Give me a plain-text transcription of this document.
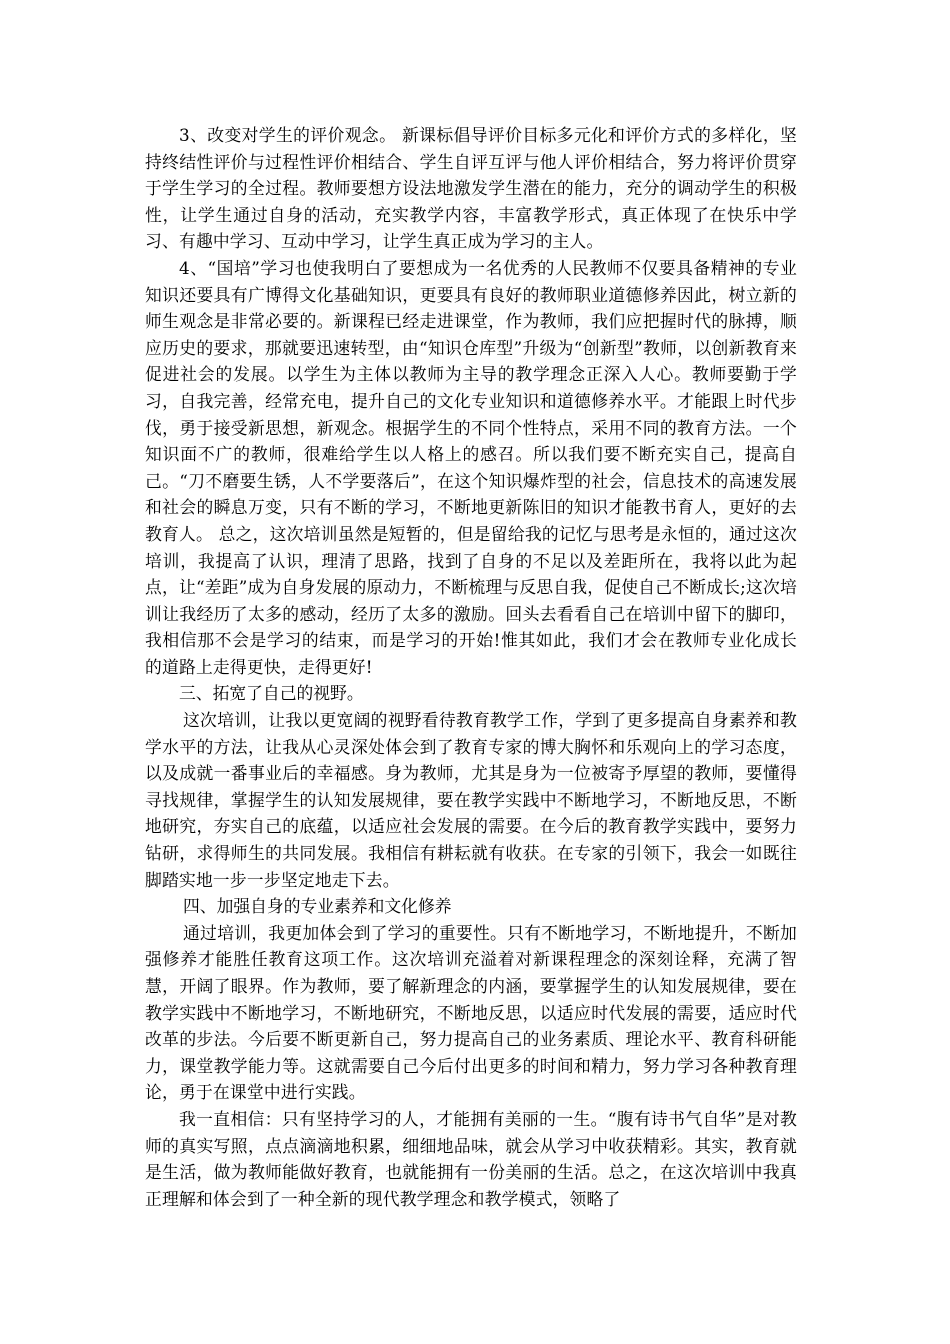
3、改变对学生的评价观念。 新课标倡导评价目标多元化和评价方式的多样化，坚持终结性评价与过程性评价相结合、学生自评互评与他人评价相结合，努力将评价贯穿于学生学习的全过程。教师要想方设法地激发学生潜在的能力，充分的调动学生的积极性，让学生通过自身的活动，充实教学内容，丰富教学形式，真正体现了在快乐中学习、有趣中学习、互动中学习，让学生真正成为学习的主人。

4、“国培”学习也使我明白了要想成为一名优秀的人民教师不仅要具备精神的专业知识还要具有广博得文化基础知识，更要具有良好的教师职业道德修养因此，树立新的师生观念是非常必要的。新课程已经走进课堂，作为教师，我们应把握时代的脉搏，顺应历史的要求，那就要迅速转型，由“知识仓库型”升级为“创新型”教师，以创新教育来促进社会的发展。以学生为主体以教师为主导的教学理念正深入人心。教师要勤于学习，自我完善，经常充电，提升自己的文化专业知识和道德修养水平。才能跟上时代步伐，勇于接受新思想，新观念。根据学生的不同个性特点，采用不同的教育方法。一个知识面不广的教师，很难给学生以人格上的感召。所以我们要不断充实自己，提高自己。“刀不磨要生锈，人不学要落后”，在这个知识爆炸型的社会，信息技术的高速发展和社会的瞬息万变，只有不断的学习，不断地更新陈旧的知识才能教书育人，更好的去教育人。 总之，这次培训虽然是短暂的，但是留给我的记忆与思考是永恒的，通过这次培训，我提高了认识，理清了思路，找到了自身的不足以及差距所在，我将以此为起点，让“差距”成为自身发展的原动力，不断梳理与反思自我，促使自己不断成长;这次培训让我经历了太多的感动，经历了太多的激励。回头去看看自己在培训中留下的脚印，我相信那不会是学习的结束，而是学习的开始!惟其如此，我们才会在教师专业化成长的道路上走得更快，走得更好!

三、拓宽了自己的视野。

这次培训，让我以更宽阔的视野看待教育教学工作，学到了更多提高自身素养和教学水平的方法，让我从心灵深处体会到了教育专家的博大胸怀和乐观向上的学习态度，以及成就一番事业后的幸福感。身为教师，尤其是身为一位被寄予厚望的教师，要懂得寻找规律，掌握学生的认知发展规律，要在教学实践中不断地学习，不断地反思，不断地研究，夯实自己的底蕴，以适应社会发展的需要。在今后的教育教学实践中，要努力钻研，求得师生的共同发展。我相信有耕耘就有收获。在专家的引领下，我会一如既往脚踏实地一步一步坚定地走下去。

四、加强自身的专业素养和文化修养

通过培训，我更加体会到了学习的重要性。只有不断地学习，不断地提升，不断加强修养才能胜任教育这项工作。这次培训充溢着对新课程理念的深刻诠释，充满了智慧，开阔了眼界。作为教师，要了解新理念的内涵，要掌握学生的认知发展规律，要在教学实践中不断地学习，不断地研究，不断地反思，以适应时代发展的需要，适应时代改革的步法。今后要不断更新自己，努力提高自己的业务素质、理论水平、教育科研能力，课堂教学能力等。这就需要自己今后付出更多的时间和精力，努力学习各种教育理论，勇于在课堂中进行实践。

我一直相信：只有坚持学习的人，才能拥有美丽的一生。“腹有诗书气自华”是对教师的真实写照，点点滴滴地积累，细细地品味，就会从学习中收获精彩。其实，教育就是生活，做为教师能做好教育，也就能拥有一份美丽的生活。总之，在这次培训中我真正理解和体会到了一种全新的现代教学理念和教学模式，领略了
